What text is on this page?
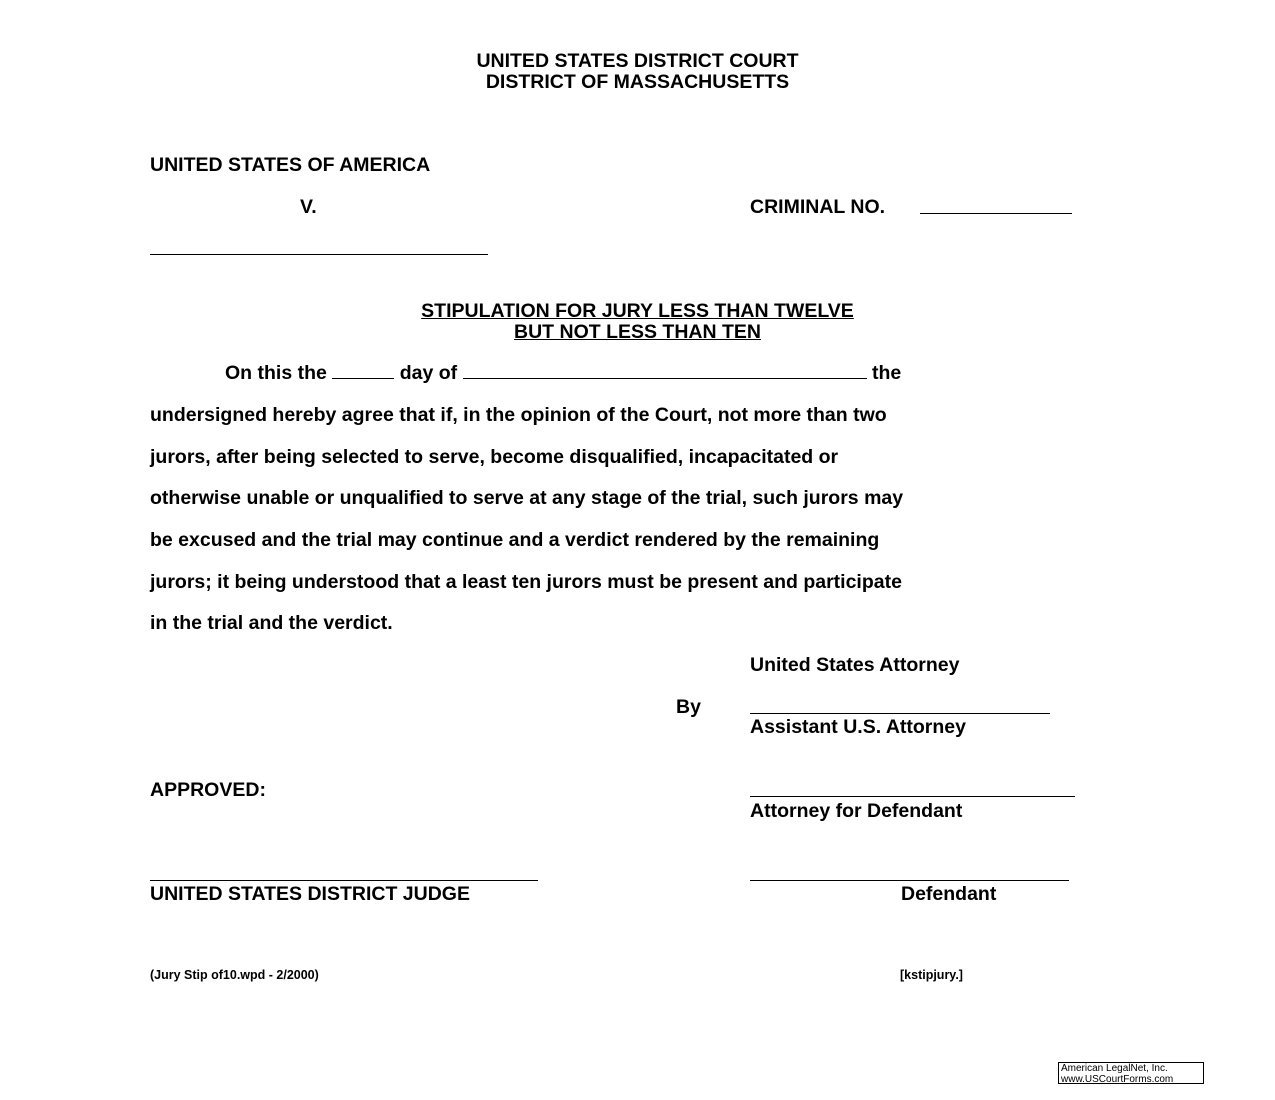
UNITED STATES DISTRICT COURT
DISTRICT OF MASSACHUSETTS
UNITED STATES OF AMERICA
V.	CRIMINAL NO.
STIPULATION FOR JURY LESS THAN TWELVE
BUT NOT LESS THAN TEN
On this the	day of	the
undersigned hereby agree that if, in the opinion of the Court, not more than two
jurors, after being selected to serve, become disqualified, incapacitated or
otherwise unable or unqualified to serve at any stage of the trial, such jurors may
be excused and the trial may continue and a verdict rendered by the remaining
jurors; it being understood that a least ten jurors must be present and participate
in the trial and the verdict.
United States Attorney
By
Assistant U.S. Attorney
APPROVED:
Attorney for Defendant
UNITED STATES DISTRICT JUDGE	Defendant
(Jury Stip of10.wpd - 2/2000)	[kstipjury.]
American LegalNet, Inc.
www.USCourtForms.com
